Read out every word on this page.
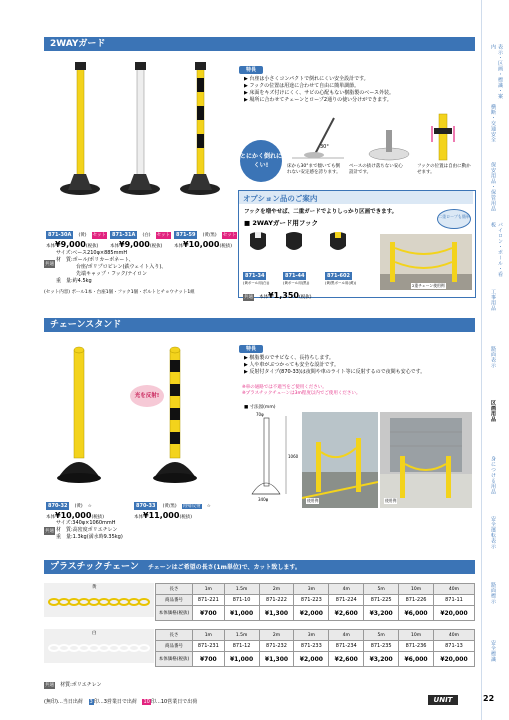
2WAYガード
871-30A (黄) セット
本体¥9,000(税抜)
871-31A (白) セット
本体¥9,000(税抜)
871-59 (黄/黒) セット
本体¥10,000(税抜)
共通
サイズ:ベース210φ×885mmH
材　質:ポール/ポリカーボネート、
　　　　台座/ポリプロピレン(鉄ウェイト入り)、
　　　　先端キャップ・フック/ナイロン
重　量:約4.5kg
(セット内容) ポール1本・台座1個・フック1個・ボルトとチョウナット1組
特長
▶ 台座は小さくコンパクトで倒れにくい安全設計です。
▶ フックの位置は用途に合わせて自由に簡単調節。
▶ 床面をキズ付けにくく、サビの心配もない樹脂製のベース外装。
▶ 場所に合わせてチェーンとロープ2通りの使い分けができます。
とにかく倒れにくい!
30°
床から30°まで傾いても倒れない安定感を誇ります。
ベースの抜け落ちない安心設計です。
フックの位置は自由に動かせます。
オプション品のご案内
フックを増やせば、二重ガードでよりしっかり区画できます。
■ 2WAYガード用フック
二重ロープも簡単
871-34
(黄ポール用(白))
871-44
(黄ポール用(黒))
871-602
(黄/黒ポール用(黄))
共通 本体¥1,350(税抜)
2重チェーン使用例
チェーンスタンド
光を反射!
870-32 (黄) ☆
本体¥10,000(税抜)
870-33 (黄/黒) 再帰反射 ☆
本体¥11,000(税抜)
共通
サイズ:340φ×1060mmH
材　質:高密度ポリエチレン
重　量:1.3kg(満水時9.35kg)
特長
▶ 樹脂製のでサビなく、長持ちします。
▶ 人や車がぶつかっても安全な設計です。
▶ 反射付タイプ(870-33)は夜間や車のライト等に反射するので夜間も安心です。
※車の通路では不適当をご使用ください。
※プラスチックチェーンは3m程度以内でご使用ください。
■ 寸法図(mm)
70φ
1060
340φ	使用例	使用例
プラスチックチェーン チェーンはご希望の長さ(1m単位)で、カット致します。
黄	長さ	1m	1.5m	2m	3m	4m	5m	10m	40m
商品番号	871-221	871-10	871-222	871-223	871-224	871-225	871-226	871-11
本体価格(税抜)	¥700	¥1,000	¥1,300	¥2,000	¥2,600	¥3,200	¥6,000	¥20,000
白	長さ	1m	1.5m	2m	3m	4m	5m	10m	40m
商品番号	871-231	871-12	871-232	871-233	871-234	871-235	871-236	871-13
本体価格(税抜)	¥700	¥1,000	¥1,300	¥2,000	¥2,600	¥3,200	¥6,000	¥20,000
共通 材質:ポリエチレン
(無印)…当日出荷 3印…3営業日で出荷 10印…10営業日で出荷	UNIT
表示・区画・標識・案内
横断・交通安全
保安用品・保管用品
パイロン・ポール・看板
工事用品
路面表示
区画用品
身につける用品
安全運転表示
路面標示
安全標識
22
